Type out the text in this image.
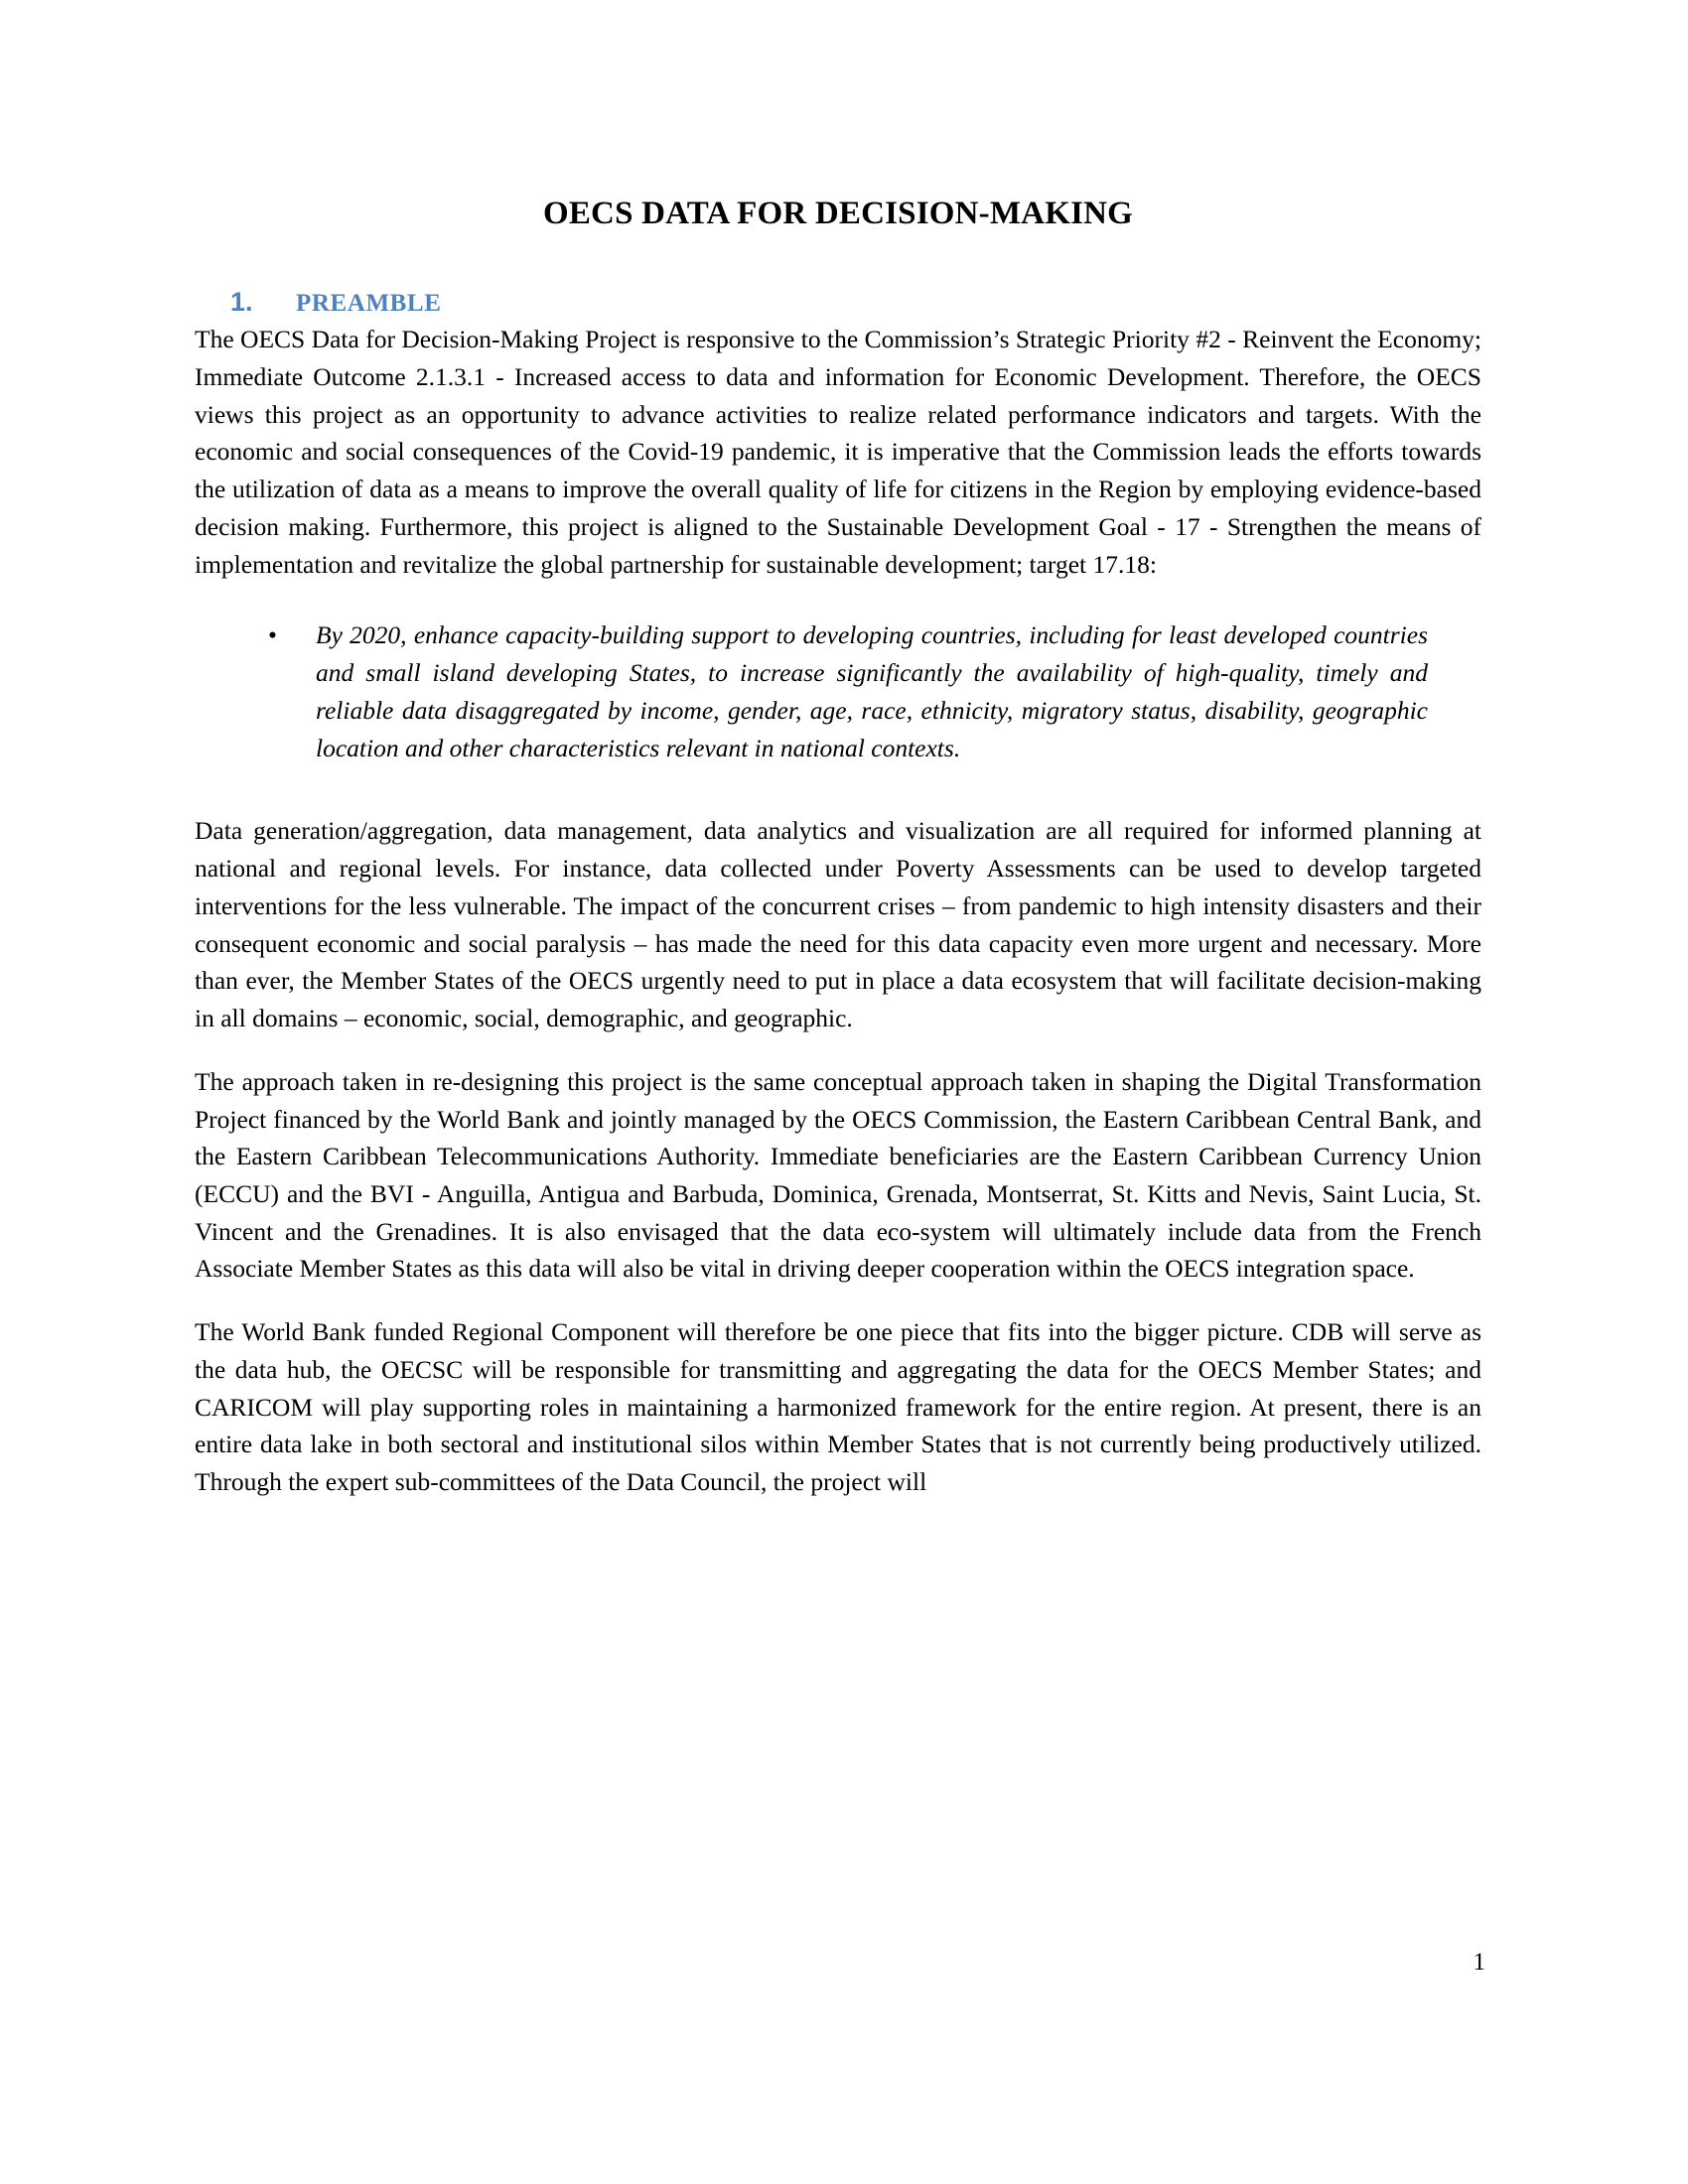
OECS DATA FOR DECISION-MAKING
1.	PREAMBLE

The OECS Data for Decision-Making Project is responsive to the Commission’s Strategic Priority #2 - Reinvent the Economy; Immediate Outcome 2.1.3.1 - Increased access to data and information for Economic Development. Therefore, the OECS views this project as an opportunity to advance activities to realize related performance indicators and targets. With the economic and social consequences of the Covid-19 pandemic, it is imperative that the Commission leads the efforts towards the utilization of data as a means to improve the overall quality of life for citizens in the Region by employing evidence-based decision making. Furthermore, this project is aligned to the Sustainable Development Goal - 17 - Strengthen the means of implementation and revitalize the global partnership for sustainable development; target 17.18:

• By 2020, enhance capacity-building support to developing countries, including for least developed countries and small island developing States, to increase significantly the availability of high-quality, timely and reliable data disaggregated by income, gender, age, race, ethnicity, migratory status, disability, geographic location and other characteristics relevant in national contexts.

Data generation/aggregation, data management, data analytics and visualization are all required for informed planning at national and regional levels. For instance, data collected under Poverty Assessments can be used to develop targeted interventions for the less vulnerable. The impact of the concurrent crises – from pandemic to high intensity disasters and their consequent economic and social paralysis – has made the need for this data capacity even more urgent and necessary. More than ever, the Member States of the OECS urgently need to put in place a data ecosystem that will facilitate decision-making in all domains – economic, social, demographic, and geographic.

The approach taken in re-designing this project is the same conceptual approach taken in shaping the Digital Transformation Project financed by the World Bank and jointly managed by the OECS Commission, the Eastern Caribbean Central Bank, and the Eastern Caribbean Telecommunications Authority. Immediate beneficiaries are the Eastern Caribbean Currency Union (ECCU) and the BVI - Anguilla, Antigua and Barbuda, Dominica, Grenada, Montserrat, St. Kitts and Nevis, Saint Lucia, St. Vincent and the Grenadines. It is also envisaged that the data eco-system will ultimately include data from the French Associate Member States as this data will also be vital in driving deeper cooperation within the OECS integration space.

The World Bank funded Regional Component will therefore be one piece that fits into the bigger picture. CDB will serve as the data hub, the OECSC will be responsible for transmitting and aggregating the data for the OECS Member States; and CARICOM will play supporting roles in maintaining a harmonized framework for the entire region. At present, there is an entire data lake in both sectoral and institutional silos within Member States that is not currently being productively utilized. Through the expert sub-committees of the Data Council, the project will

1
